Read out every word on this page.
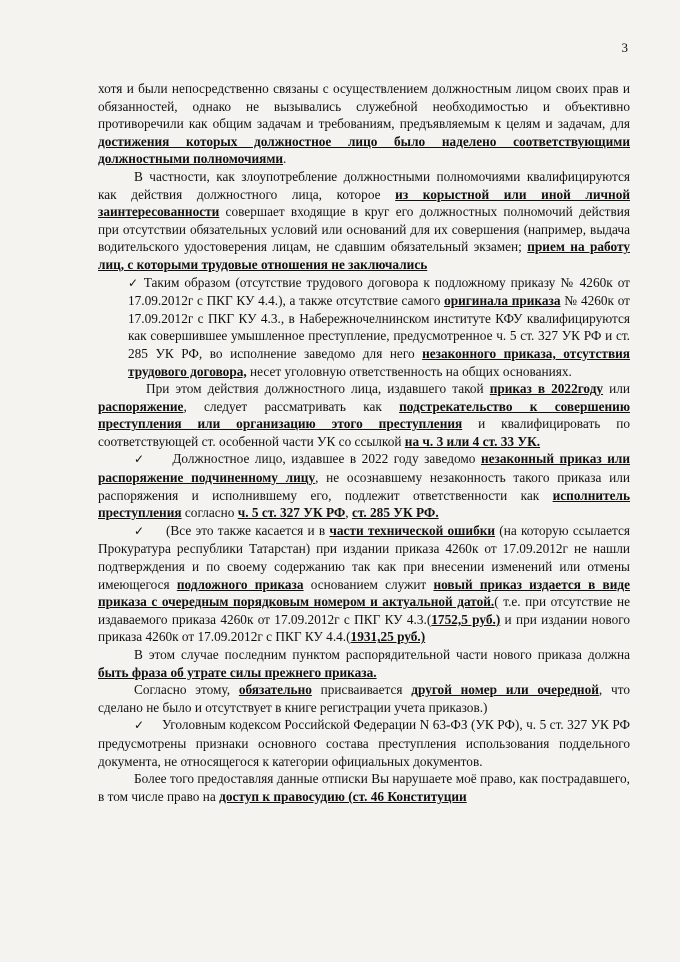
3

хотя и были непосредственно связаны с осуществлением должностным лицом своих прав и обязанностей, однако не вызывались служебной необходимостью и объективно противоречили как общим задачам и требованиям, предъявляемым к целям и задачам, для достижения которых должностное лицо было наделено соответствующими должностными полномочиями.

В частности, как злоупотребление должностными полномочиями квалифицируются как действия должностного лица, которое из корыстной или иной личной заинтересованности совершает входящие в круг его должностных полномочий действия при отсутствии обязательных условий или оснований для их совершения (например, выдача водительского удостоверения лицам, не сдавшим обязательный экзамен; прием на работу лиц, с которыми трудовые отношения не заключались

✓ Таким образом (отсутствие трудового договора к подложному приказу № 4260к от 17.09.2012г с ПКГ КУ 4.4.), а также отсутствие самого оригинала приказа № 4260к от 17.09.2012г с ПКГ КУ 4.3., в Набережночелнинском институте КФУ квалифицируются как совершившее умышленное преступление, предусмотренное ч. 5 ст. 327 УК РФ и ст. 285 УК РФ, во исполнение заведомо для него незаконного приказа, отсутствия трудового договора, несет уголовную ответственность на общих основаниях.

При этом действия должностного лица, издавшего такой приказ в 2022году или распоряжение, следует рассматривать как подстрекательство к совершению преступления или организацию этого преступления и квалифицировать по соответствующей ст. особенной части УК со ссылкой на ч. 3 или 4 ст. 33 УК.

✓ Должностное лицо, издавшее в 2022 году заведомо незаконный приказ или распоряжение подчиненному лицу, не осознавшему незаконность такого приказа или распоряжения и исполнившему его, подлежит ответственности как исполнитель преступления согласно ч. 5 ст. 327 УК РФ, ст. 285 УК РФ.

✓ (Все это также касается и в части технической ошибки (на которую ссылается Прокуратура республики Татарстан) при издании приказа 4260к от 17.09.2012г не нашли подтверждения и по своему содержанию так как при внесении изменений или отмены имеющегося подложного приказа основанием служит новый приказ издается в виде приказа с очередным порядковым номером и актуальной датой.( т.е. при отсутствие не издаваемого приказа 4260к от 17.09.2012г с ПКГ КУ 4.3.(1752,5 руб.) и при издании нового приказа 4260к от 17.09.2012г с ПКГ КУ 4.4.(1931,25 руб.)

В этом случае последним пунктом распорядительной части нового приказа должна быть фраза об утрате силы прежнего приказа.

Согласно этому, обязательно присваивается другой номер или очередной, что сделано не было и отсутствует в книге регистрации учета приказов.)

✓ Уголовным кодексом Российской Федерации N 63-ФЗ (УК РФ), ч. 5 ст. 327 УК РФ предусмотрены признаки основного состава преступления использования поддельного документа, не относящегося к категории официальных документов.

Более того предоставляя данные отписки Вы нарушаете моё право, как пострадавшего, в том числе право на доступ к правосудию (ст. 46 Конституции
